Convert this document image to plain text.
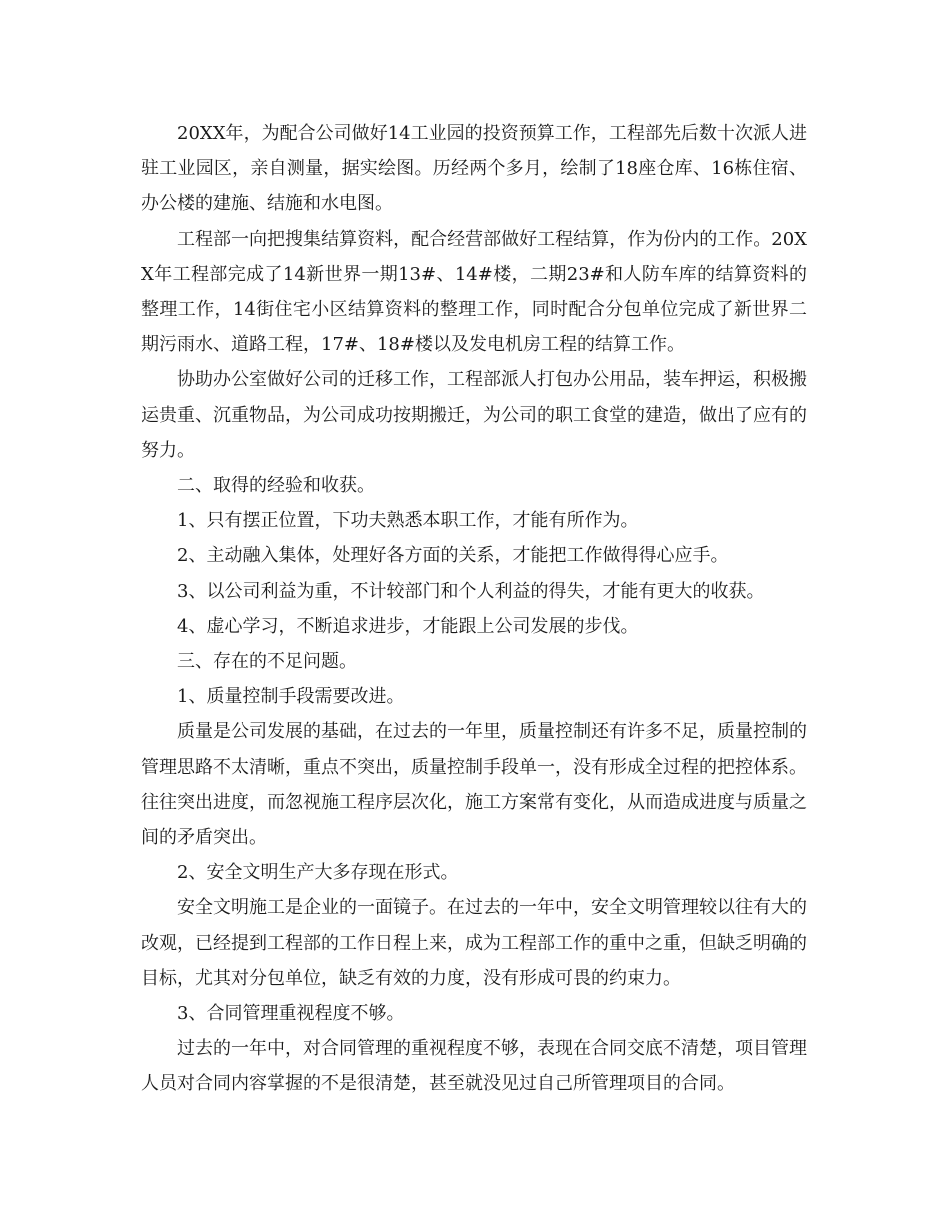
20XX年，为配合公司做好14工业园的投资预算工作，工程部先后数十次派人进驻工业园区，亲自测量，据实绘图。历经两个多月，绘制了18座仓库、16栋住宿、办公楼的建施、结施和水电图。

工程部一向把搜集结算资料，配合经营部做好工程结算，作为份内的工作。20XX年工程部完成了14新世界一期13#、14#楼，二期23#和人防车库的结算资料的整理工作，14街住宅小区结算资料的整理工作，同时配合分包单位完成了新世界二期污雨水、道路工程，17#、18#楼以及发电机房工程的结算工作。

协助办公室做好公司的迁移工作，工程部派人打包办公用品，装车押运，积极搬运贵重、沉重物品，为公司成功按期搬迁，为公司的职工食堂的建造，做出了应有的努力。

二、取得的经验和收获。

1、只有摆正位置，下功夫熟悉本职工作，才能有所作为。

2、主动融入集体，处理好各方面的关系，才能把工作做得得心应手。

3、以公司利益为重，不计较部门和个人利益的得失，才能有更大的收获。

4、虚心学习，不断追求进步，才能跟上公司发展的步伐。

三、存在的不足问题。

1、质量控制手段需要改进。

质量是公司发展的基础，在过去的一年里，质量控制还有许多不足，质量控制的管理思路不太清晰，重点不突出，质量控制手段单一，没有形成全过程的把控体系。往往突出进度，而忽视施工程序层次化，施工方案常有变化，从而造成进度与质量之间的矛盾突出。

2、安全文明生产大多存现在形式。

安全文明施工是企业的一面镜子。在过去的一年中，安全文明管理较以往有大的改观，已经提到工程部的工作日程上来，成为工程部工作的重中之重，但缺乏明确的目标，尤其对分包单位，缺乏有效的力度，没有形成可畏的约束力。

3、合同管理重视程度不够。

过去的一年中，对合同管理的重视程度不够，表现在合同交底不清楚，项目管理人员对合同内容掌握的不是很清楚，甚至就没见过自己所管理项目的合同。
